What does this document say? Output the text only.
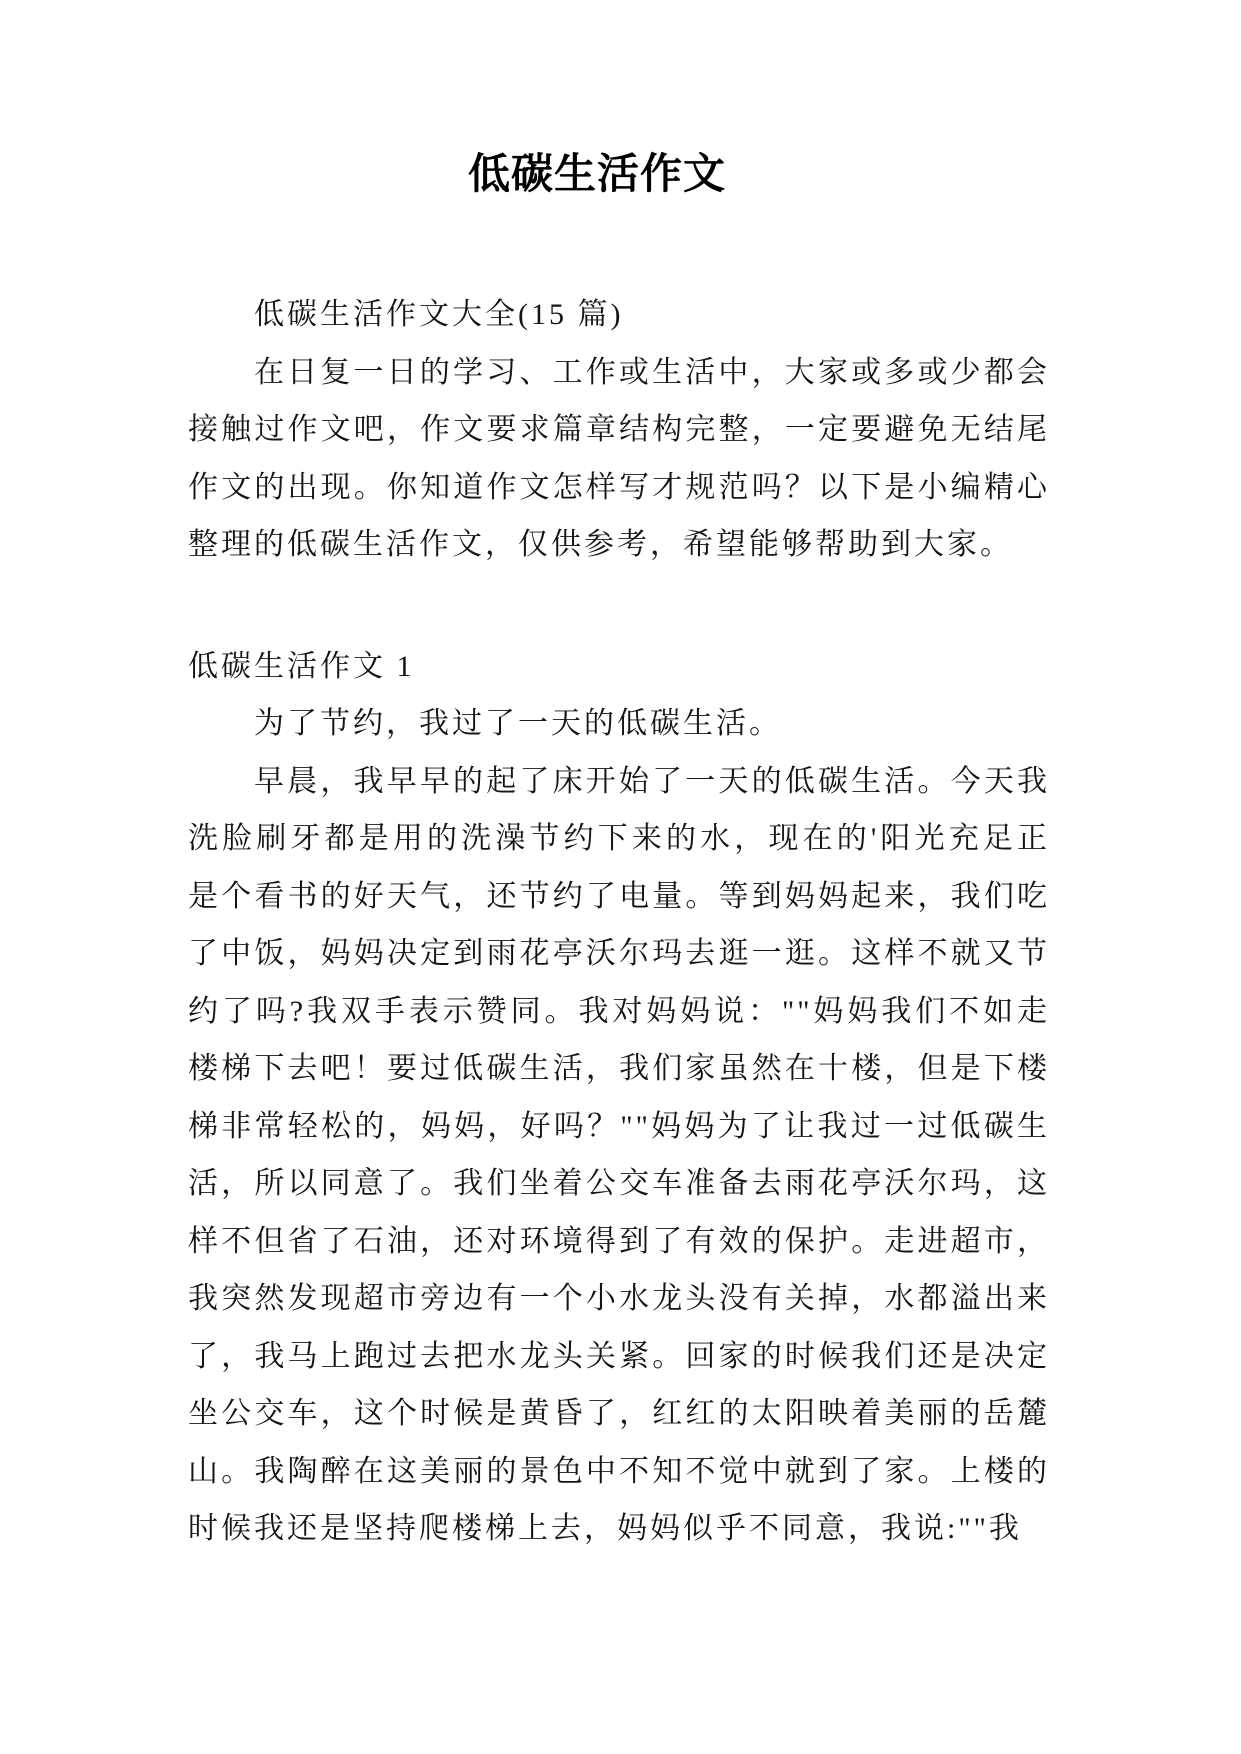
低碳生活作文
低碳生活作文大全(15 篇)
在日复一日的学习、工作或生活中，大家或多或少都会
接触过作文吧，作文要求篇章结构完整，一定要避免无结尾
作文的出现。你知道作文怎样写才规范吗？以下是小编精心
整理的低碳生活作文，仅供参考，希望能够帮助到大家。
低碳生活作文 1
为了节约，我过了一天的低碳生活。
早晨，我早早的起了床开始了一天的低碳生活。今天我
洗脸刷牙都是用的洗澡节约下来的水，现在的'阳光充足正
是个看书的好天气，还节约了电量。等到妈妈起来，我们吃
了中饭，妈妈决定到雨花亭沃尔玛去逛一逛。这样不就又节
约了吗?我双手表示赞同。我对妈妈说：""妈妈我们不如走
楼梯下去吧！要过低碳生活，我们家虽然在十楼，但是下楼
梯非常轻松的，妈妈，好吗？""妈妈为了让我过一过低碳生
活，所以同意了。我们坐着公交车准备去雨花亭沃尔玛，这
样不但省了石油，还对环境得到了有效的保护。走进超市，
我突然发现超市旁边有一个小水龙头没有关掉，水都溢出来
了，我马上跑过去把水龙头关紧。回家的时候我们还是决定
坐公交车，这个时候是黄昏了，红红的太阳映着美丽的岳麓
山。我陶醉在这美丽的景色中不知不觉中就到了家。上楼的
时候我还是坚持爬楼梯上去，妈妈似乎不同意，我说:""我
